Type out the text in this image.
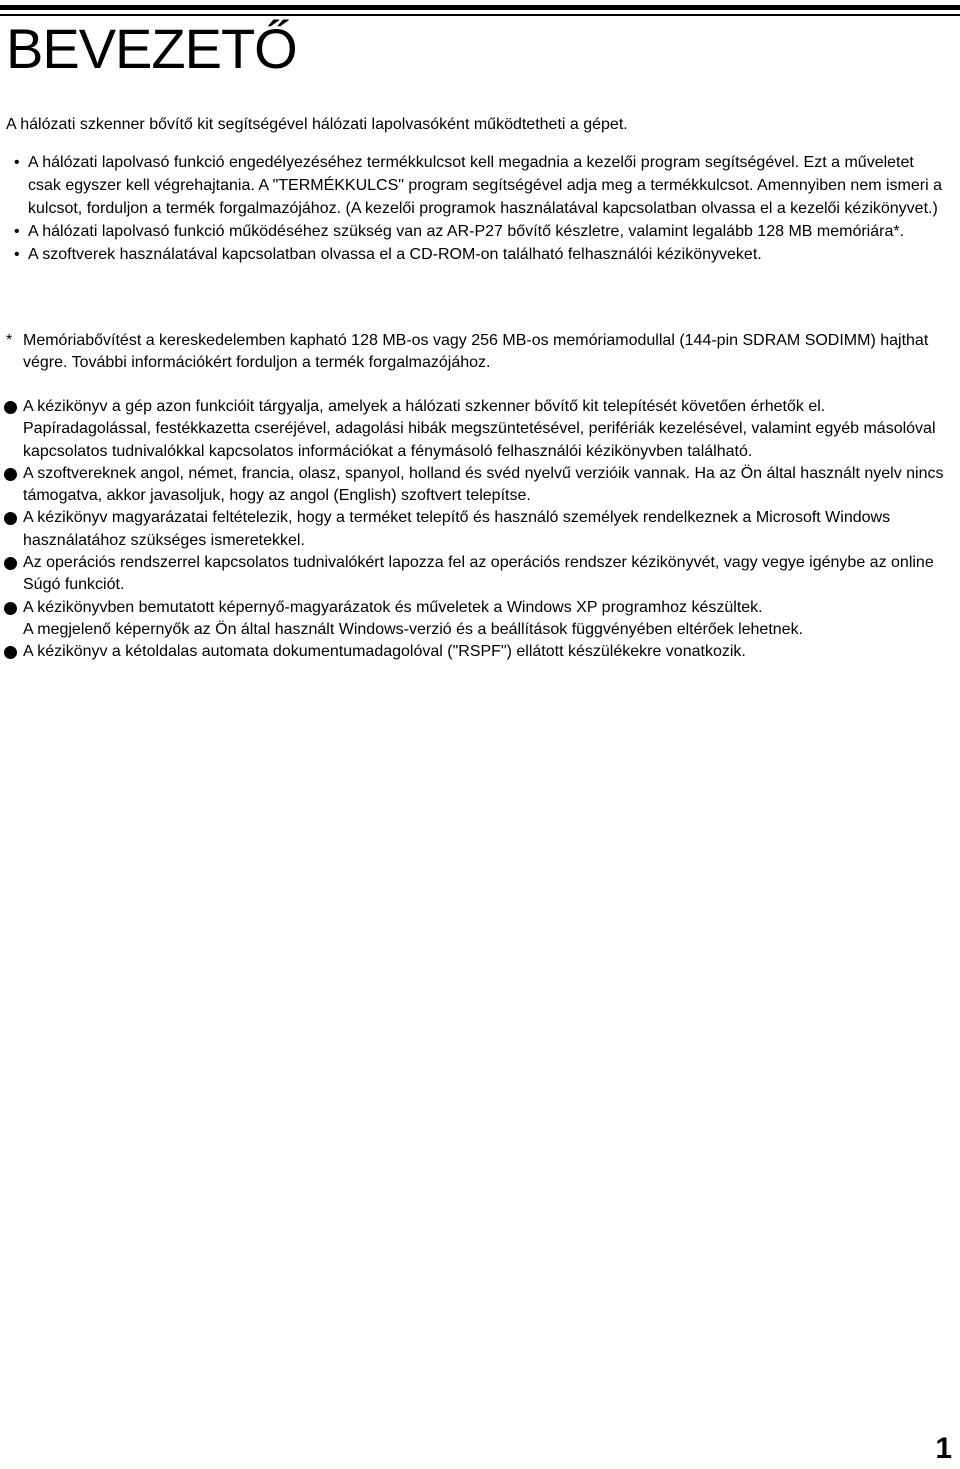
BEVEZETŐ

A hálózati szkenner bővítő kit segítségével hálózati lapolvasóként működtetheti a gépet.

• A hálózati lapolvasó funkció engedélyezéséhez termékkulcsot kell megadnia a kezelői program segítségével. Ezt a műveletet csak egyszer kell végrehajtania. A "TERMÉKKULCS" program segítségével adja meg a termékkulcsot. Amennyiben nem ismeri a kulcsot, forduljon a termék forgalmazójához. (A kezelői programok használatával kapcsolatban olvassa el a kezelői kézikönyvet.)
• A hálózati lapolvasó funkció működéséhez szükség van az AR-P27 bővítő készletre, valamint legalább 128 MB memóriára*.
• A szoftverek használatával kapcsolatban olvassa el a CD-ROM-on található felhasználói kézikönyveket.

* Memóriabővítést a kereskedelemben kapható 128 MB-os vagy 256 MB-os memóriamodullal (144-pin SDRAM SODIMM) hajthat végre. További információkért forduljon a termék forgalmazójához.

A kézikönyv a gép azon funkcióit tárgyalja, amelyek a hálózati szkenner bővítő kit telepítését követően érhetők el. Papíradagolással, festékkazetta cseréjével, adagolási hibák megszüntetésével, perifériák kezelésével, valamint egyéb másolóval kapcsolatos tudnivalókkal kapcsolatos információkat a fénymásoló felhasználói kézikönyvben található.
A szoftvereknek angol, német, francia, olasz, spanyol, holland és svéd nyelvű verzióik vannak. Ha az Ön által használt nyelv nincs támogatva, akkor javasoljuk, hogy az angol (English) szoftvert telepítse.
A kézikönyv magyarázatai feltételezik, hogy a terméket telepítő és használó személyek rendelkeznek a Microsoft Windows használatához szükséges ismeretekkel.
Az operációs rendszerrel kapcsolatos tudnivalókért lapozza fel az operációs rendszer kézikönyvét, vagy vegye igénybe az online Súgó funkciót.
A kézikönyvben bemutatott képernyő-magyarázatok és műveletek a Windows XP programhoz készültek.
A megjelenő képernyők az Ön által használt Windows-verzió és a beállítások függvényében eltérőek lehetnek.
A kézikönyv a kétoldalas automata dokumentumadagolóval ("RSPF") ellátott készülékekre vonatkozik.
1
